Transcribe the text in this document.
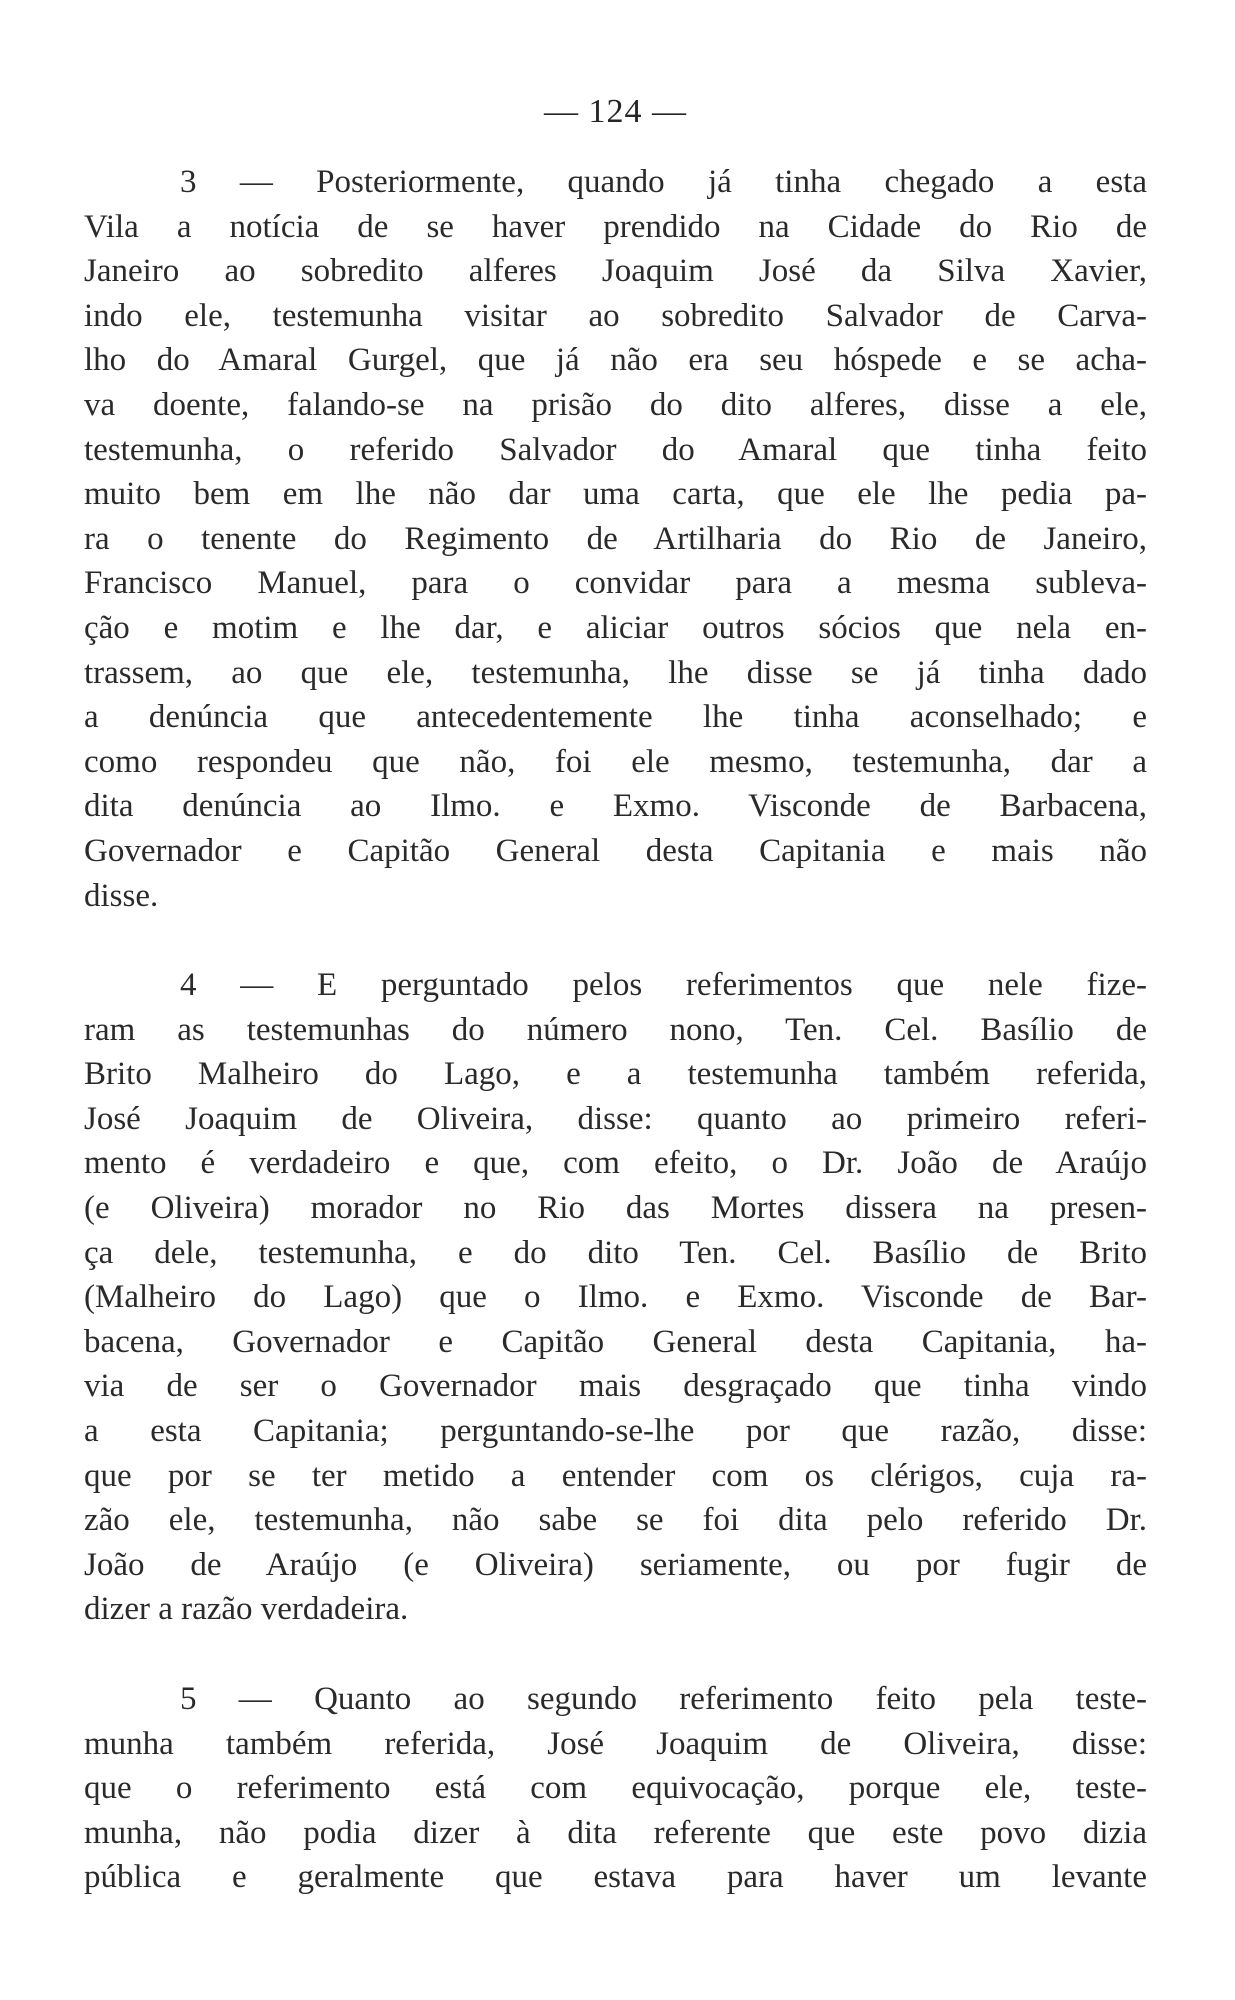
— 124 —

3 — Posteriormente, quando já tinha chegado a esta
Vila a notícia de se haver prendido na Cidade do Rio de
Janeiro ao sobredito alferes Joaquim José da Silva Xavier,
indo ele, testemunha visitar ao sobredito Salvador de Carva-
lho do Amaral Gurgel, que já não era seu hóspede e se acha-
va doente, falando-se na prisão do dito alferes, disse a ele,
testemunha, o referido Salvador do Amaral que tinha feito
muito bem em lhe não dar uma carta, que ele lhe pedia pa-
ra o tenente do Regimento de Artilharia do Rio de Janeiro,
Francisco Manuel, para o convidar para a mesma subleva-
ção e motim e lhe dar, e aliciar outros sócios que nela en-
trassem, ao que ele, testemunha, lhe disse se já tinha dado
a denúncia que antecedentemente lhe tinha aconselhado; e
como respondeu que não, foi ele mesmo, testemunha, dar a
dita denúncia ao Ilmo. e Exmo. Visconde de Barbacena,
Governador e Capitão General desta Capitania e mais não
disse.

4 — E perguntado pelos referimentos que nele fize-
ram as testemunhas do número nono, Ten. Cel. Basílio de
Brito Malheiro do Lago, e a testemunha também referida,
José Joaquim de Oliveira, disse: quanto ao primeiro referi-
mento é verdadeiro e que, com efeito, o Dr. João de Araújo
(e Oliveira) morador no Rio das Mortes dissera na presen-
ça dele, testemunha, e do dito Ten. Cel. Basílio de Brito
(Malheiro do Lago) que o Ilmo. e Exmo. Visconde de Bar-
bacena, Governador e Capitão General desta Capitania, ha-
via de ser o Governador mais desgraçado que tinha vindo
a esta Capitania; perguntando-se-lhe por que razão, disse:
que por se ter metido a entender com os clérigos, cuja ra-
zão ele, testemunha, não sabe se foi dita pelo referido Dr.
João de Araújo (e Oliveira) seriamente, ou por fugir de
dizer a razão verdadeira.

5 — Quanto ao segundo referimento feito pela teste-
munha também referida, José Joaquim de Oliveira, disse:
que o referimento está com equivocação, porque ele, teste-
munha, não podia dizer à dita referente que este povo dizia
pública e geralmente que estava para haver um levante
